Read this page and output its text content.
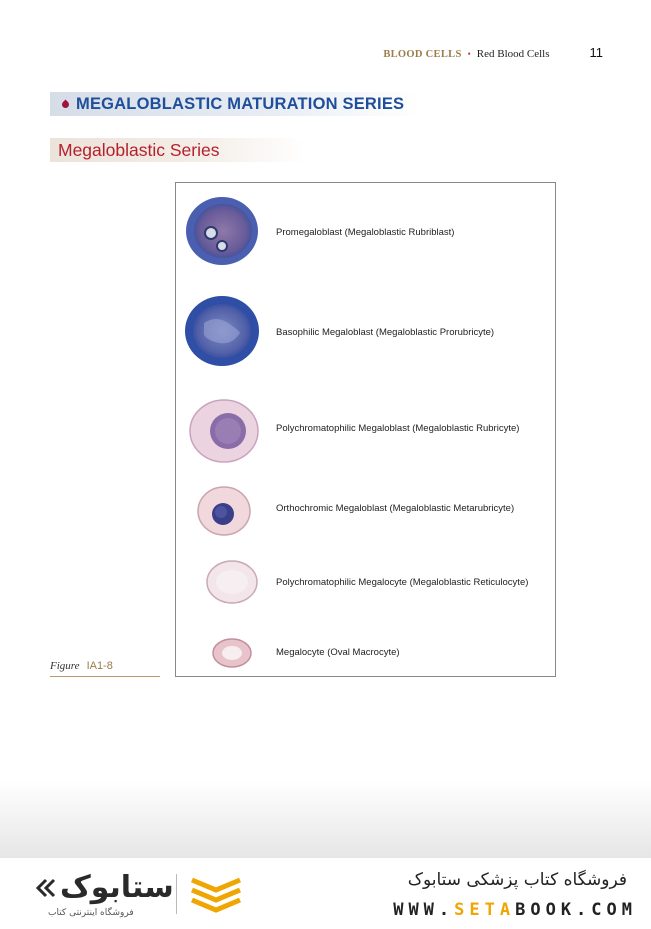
BLOOD CELLS • Red Blood Cells	11
MEGALOBLASTIC MATURATION SERIES
Megaloblastic Series
Promegaloblast (Megaloblastic Rubriblast)
Basophilic Megaloblast (Megaloblastic Prorubricyte)
Polychromatophilic Megaloblast (Megaloblastic Rubricyte)
Orthochromic Megaloblast (Megaloblastic Metarubricyte)
Polychromatophilic Megalocyte (Megaloblastic Reticulocyte)
Megalocyte (Oval Macrocyte)
Figure IA1-8
ستابوک
فروشگاه اینترنتی کتاب
فروشگاه کتاب پزشکی ستابوک
WWW.SETABOOK.COM
